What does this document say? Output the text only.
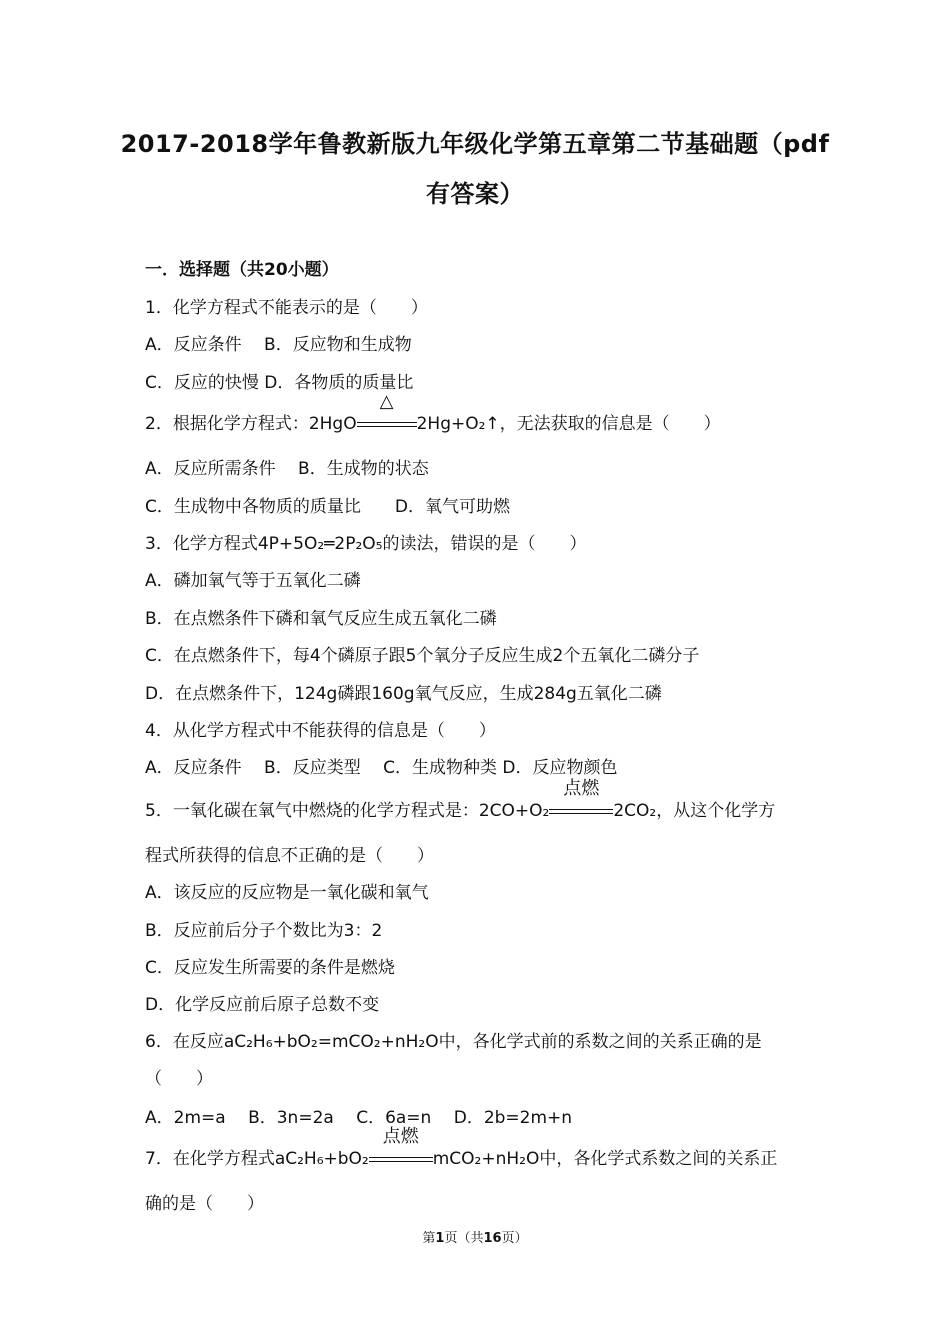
2017-2018学年鲁教新版九年级化学第五章第二节基础题（pdf
有答案）
一．选择题（共20小题）
1．化学方程式不能表示的是（　　）
A．反应条件　 B．反应物和生成物
C．反应的快慢 D．各物质的质量比
2．根据化学方程式：2HgO
△
2Hg+O₂↑，无法获取的信息是（　　）
A．反应所需条件　 B．生成物的状态
C．生成物中各物质的质量比　　D．氧气可助燃
3．化学方程式4P+5O₂═2P₂O₅的读法，错误的是（　　）
A．磷加氧气等于五氧化二磷
B．在点燃条件下磷和氧气反应生成五氧化二磷
C．在点燃条件下，每4个磷原子跟5个氧分子反应生成2个五氧化二磷分子
D．在点燃条件下，124g磷跟160g氧气反应，生成284g五氧化二磷
4．从化学方程式中不能获得的信息是（　　）
A．反应条件　 B．反应类型　 C．生成物种类 D．反应物颜色
5．一氧化碳在氧气中燃烧的化学方程式是：2CO+O₂
点燃
2CO₂，从这个化学方
程式所获得的信息不正确的是（　　）
A．该反应的反应物是一氧化碳和氧气
B．反应前后分子个数比为3：2
C．反应发生所需要的条件是燃烧
D．化学反应前后原子总数不变
6．在反应aC₂H₆+bO₂=mCO₂+nH₂O中，各化学式前的系数之间的关系正确的是
（　　）
A．2m=a　 B．3n=2a　 C．6a=n　 D．2b=2m+n
7．在化学方程式aC₂H₆+bO₂
点燃
mCO₂+nH₂O中，各化学式系数之间的关系正
确的是（　　）
第1页（共16页）
